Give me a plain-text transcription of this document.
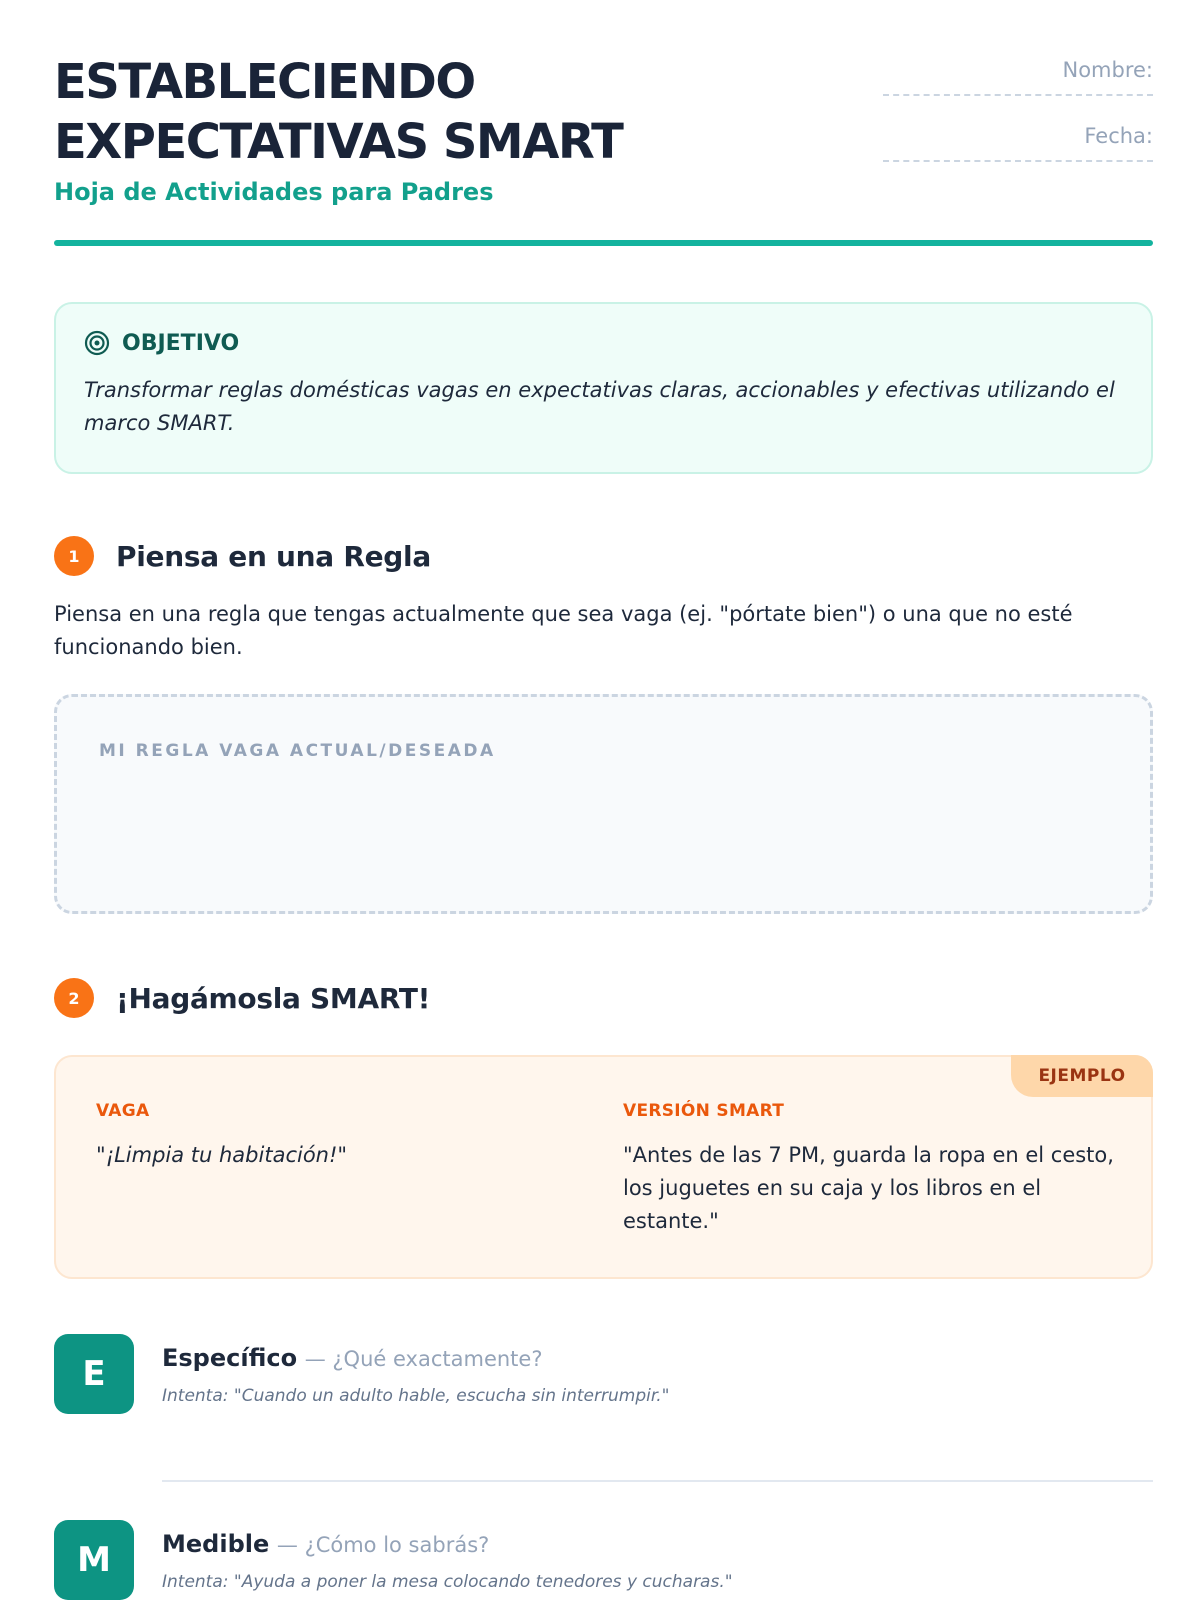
ESTABLECIENDO
EXPECTATIVAS SMART
Hoja de Actividades para Padres
Nombre:
Fecha:
OBJETIVO

Transformar reglas domésticas vagas en expectativas claras, accionables y efectivas utilizando el marco SMART.

1	Piensa en una Regla

Piensa en una regla que tengas actualmente que sea vaga (ej. "pórtate bien") o una que no esté funcionando bien.

MI REGLA VAGA ACTUAL/DESEADA
2	¡Hagámosla SMART!
EJEMPLO
VAGA
"¡Limpia tu habitación!"
VERSIÓN SMART
"Antes de las 7 PM, guarda la ropa en el cesto, los juguetes en su caja y los libros en el estante."
E	Específico — ¿Qué exactamente?
Intenta: "Cuando un adulto hable, escucha sin interrumpir."
M	Medible — ¿Cómo lo sabrás?
Intenta: "Ayuda a poner la mesa colocando tenedores y cucharas."
